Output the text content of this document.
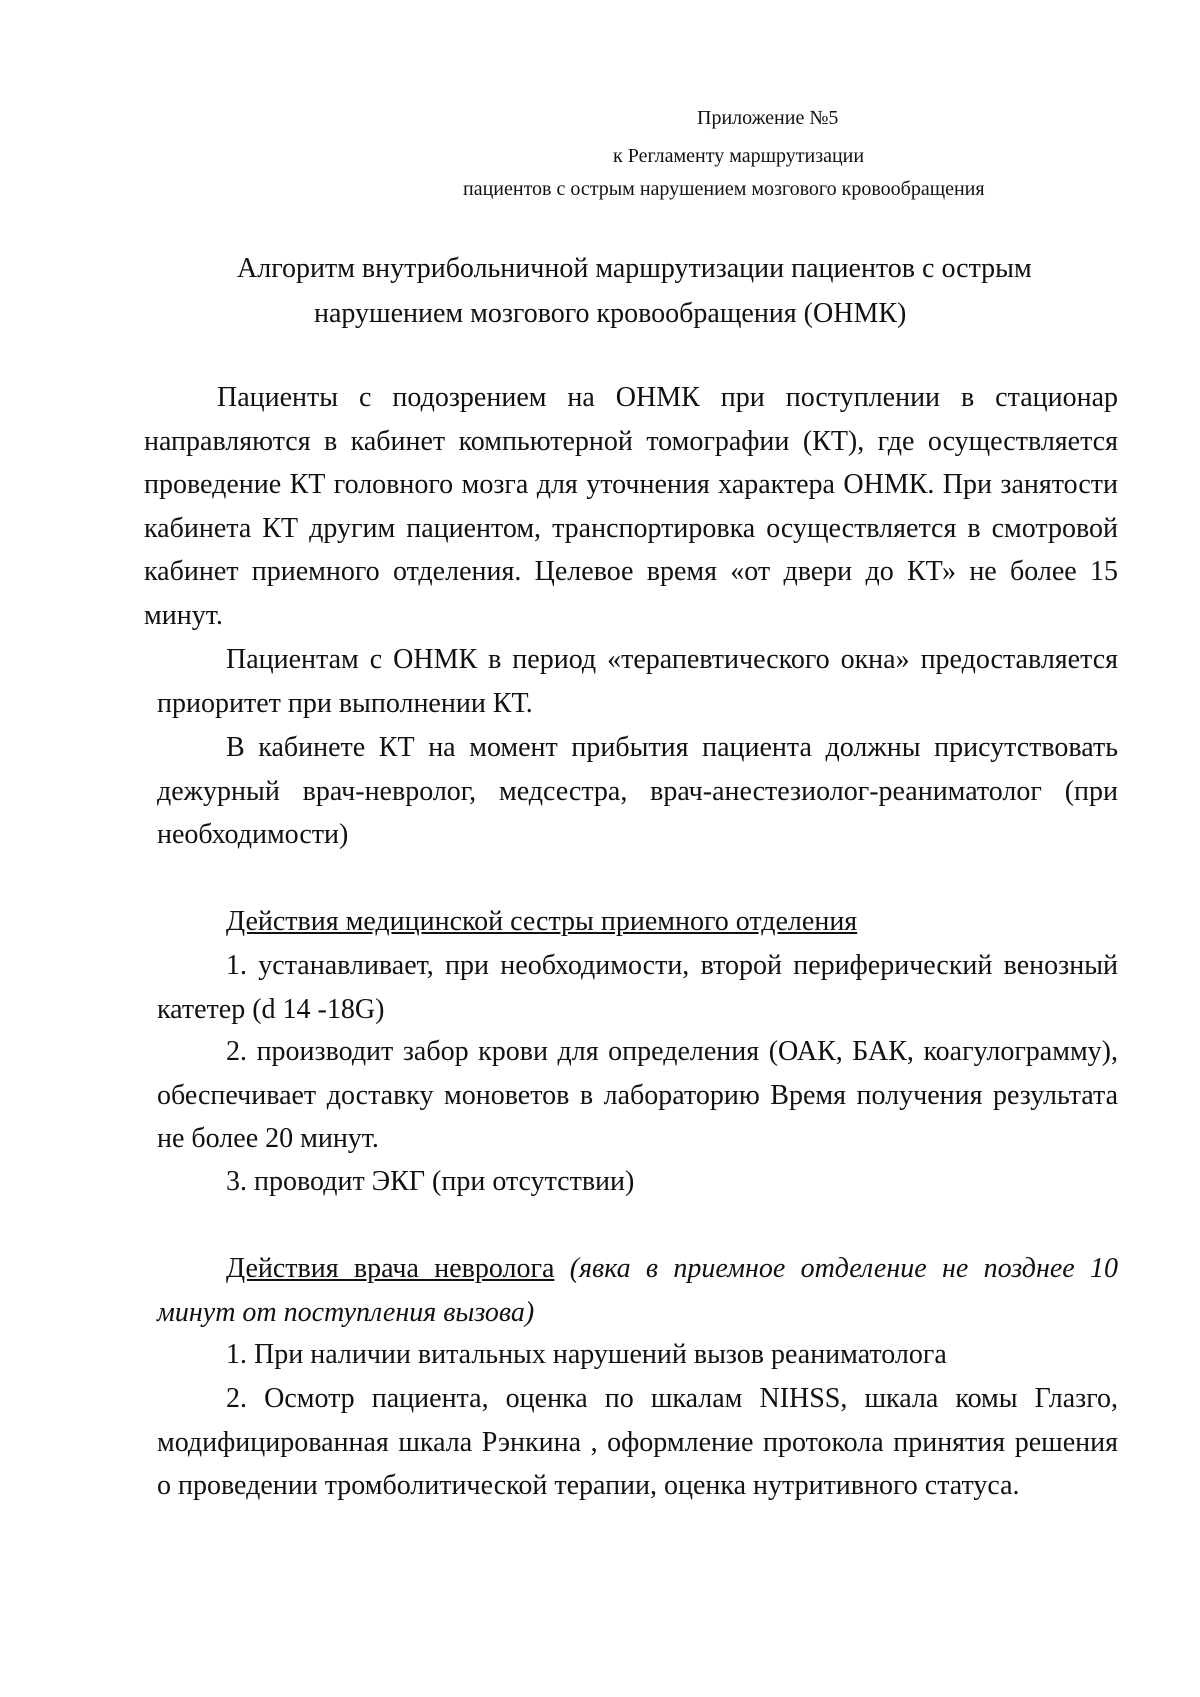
Приложение №5
к Регламенту маршрутизации
пациентов с острым нарушением мозгового кровообращения
Алгоритм внутрибольничной маршрутизации пациентов с острым
нарушением мозгового кровообращения (ОНМК)
Пациенты с подозрением на ОНМК при поступлении в стационар направляются в кабинет компьютерной томографии (КТ), где осуществляется проведение КТ головного мозга для уточнения характера ОНМК. При занятости кабинета КТ другим пациентом, транспортировка осуществляется в смотровой кабинет приемного отделения. Целевое время «от двери до КТ» не более 15 минут.
Пациентам с ОНМК в период «терапевтического окна» предоставляется приоритет при выполнении КТ.
В кабинете КТ на момент прибытия пациента должны присутствовать дежурный врач-невролог, медсестра, врач-анестезиолог-реаниматолог (при необходимости)
Действия медицинской сестры приемного отделения
1. устанавливает, при необходимости, второй периферический венозный катетер (d 14 -18G)
2. производит забор крови для определения (ОАК, БАК, коагулограмму), обеспечивает доставку моноветов в лабораторию Время получения результата не более 20 минут.
3. проводит ЭКГ (при отсутствии)
Действия врача невролога (явка в приемное отделение не позднее 10 минут от поступления вызова)
1. При наличии витальных нарушений вызов реаниматолога
2. Осмотр пациента, оценка по шкалам NIHSS, шкала комы Глазго, модифицированная шкала Рэнкина , оформление протокола принятия решения о проведении тромболитической терапии, оценка нутритивного статуса.
